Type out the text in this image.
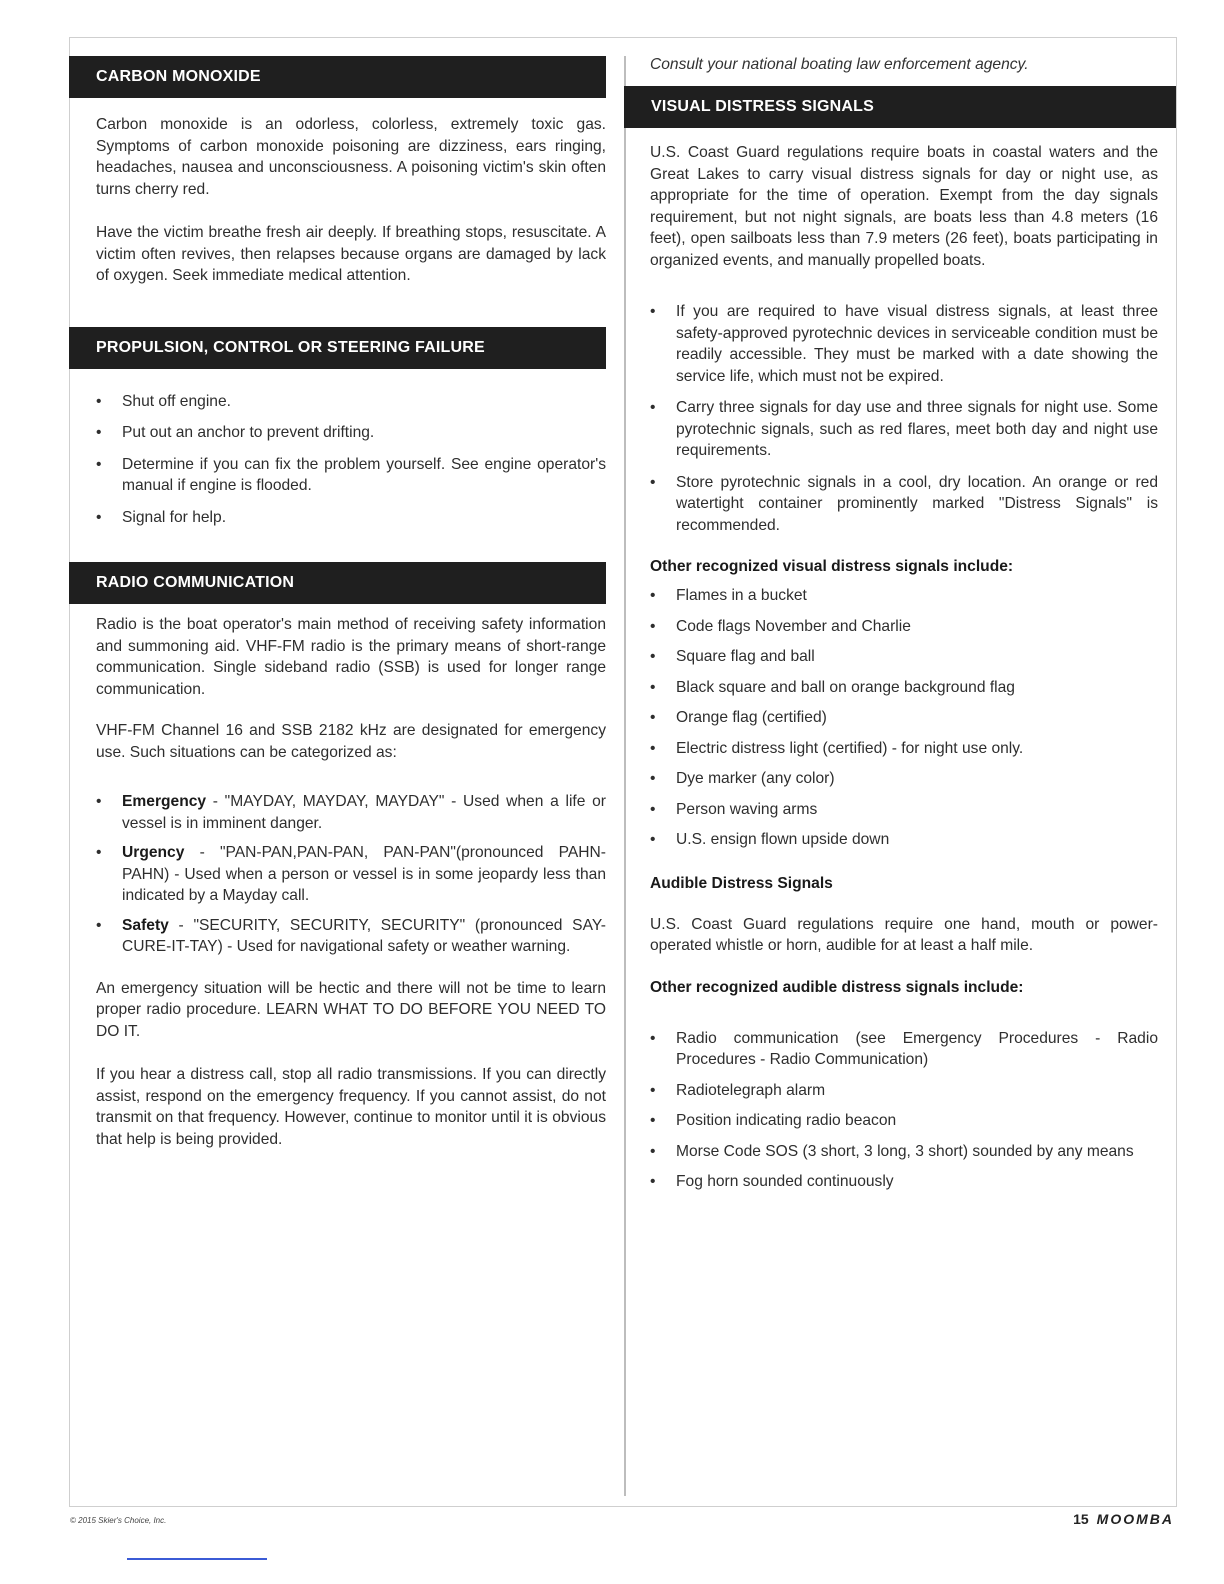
CARBON MONOXIDE

Carbon monoxide is an odorless, colorless, extremely toxic gas. Symptoms of carbon monoxide poisoning are dizziness, ears ringing, headaches, nausea and unconsciousness. A poisoning victim's skin often turns cherry red.

Have the victim breathe fresh air deeply. If breathing stops, resuscitate. A victim often revives, then relapses because organs are damaged by lack of oxygen. Seek immediate medical attention.

PROPULSION, CONTROL OR STEERING FAILURE
• Shut off engine.
• Put out an anchor to prevent drifting.
• Determine if you can fix the problem yourself. See engine operator's manual if engine is flooded.
• Signal for help.
RADIO COMMUNICATION

Radio is the boat operator's main method of receiving safety information and summoning aid. VHF-FM radio is the primary means of short-range communication. Single sideband radio (SSB) is used for longer range communication.

VHF-FM Channel 16 and SSB 2182 kHz are designated for emergency use. Such situations can be categorized as:

• Emergency - "MAYDAY, MAYDAY, MAYDAY" - Used when a life or vessel is in imminent danger.
• Urgency - "PAN-PAN,PAN-PAN, PAN-PAN"(pronounced PAHN-PAHN) - Used when a person or vessel is in some jeopardy less than indicated by a Mayday call.
• Safety - "SECURITY, SECURITY, SECURITY" (pronounced SAY-CURE-IT-TAY) - Used for navigational safety or weather warning.

An emergency situation will be hectic and there will not be time to learn proper radio procedure. LEARN WHAT TO DO BEFORE YOU NEED TO DO IT.

If you hear a distress call, stop all radio transmissions. If you can directly assist, respond on the emergency frequency. If you cannot assist, do not transmit on that frequency. However, continue to monitor until it is obvious that help is being provided.

Consult your national boating law enforcement agency.
VISUAL DISTRESS SIGNALS

U.S. Coast Guard regulations require boats in coastal waters and the Great Lakes to carry visual distress signals for day or night use, as appropriate for the time of operation. Exempt from the day signals requirement, but not night signals, are boats less than 4.8 meters (16 feet), open sailboats less than 7.9 meters (26 feet), boats participating in organized events, and manually propelled boats.

• If you are required to have visual distress signals, at least three safety-approved pyrotechnic devices in serviceable condition must be readily accessible. They must be marked with a date showing the service life, which must not be expired.
• Carry three signals for day use and three signals for night use. Some pyrotechnic signals, such as red flares, meet both day and night use requirements.
• Store pyrotechnic signals in a cool, dry location. An orange or red watertight container prominently marked "Distress Signals" is recommended.
Other recognized visual distress signals include:
• Flames in a bucket
• Code flags November and Charlie
• Square flag and ball
• Black square and ball on orange background flag
• Orange flag (certified)
• Electric distress light (certified) - for night use only.
• Dye marker (any color)
• Person waving arms
• U.S. ensign flown upside down
Audible Distress Signals

U.S. Coast Guard regulations require one hand, mouth or power-operated whistle or horn, audible for at least a half mile.

Other recognized audible distress signals include:
• Radio communication (see Emergency Procedures - Radio Procedures - Radio Communication)
• Radiotelegraph alarm
• Position indicating radio beacon
• Morse Code SOS (3 short, 3 long, 3 short) sounded by any means
• Fog horn sounded continuously
© 2015 Skier's Choice, Inc.	15 MOOMBA
